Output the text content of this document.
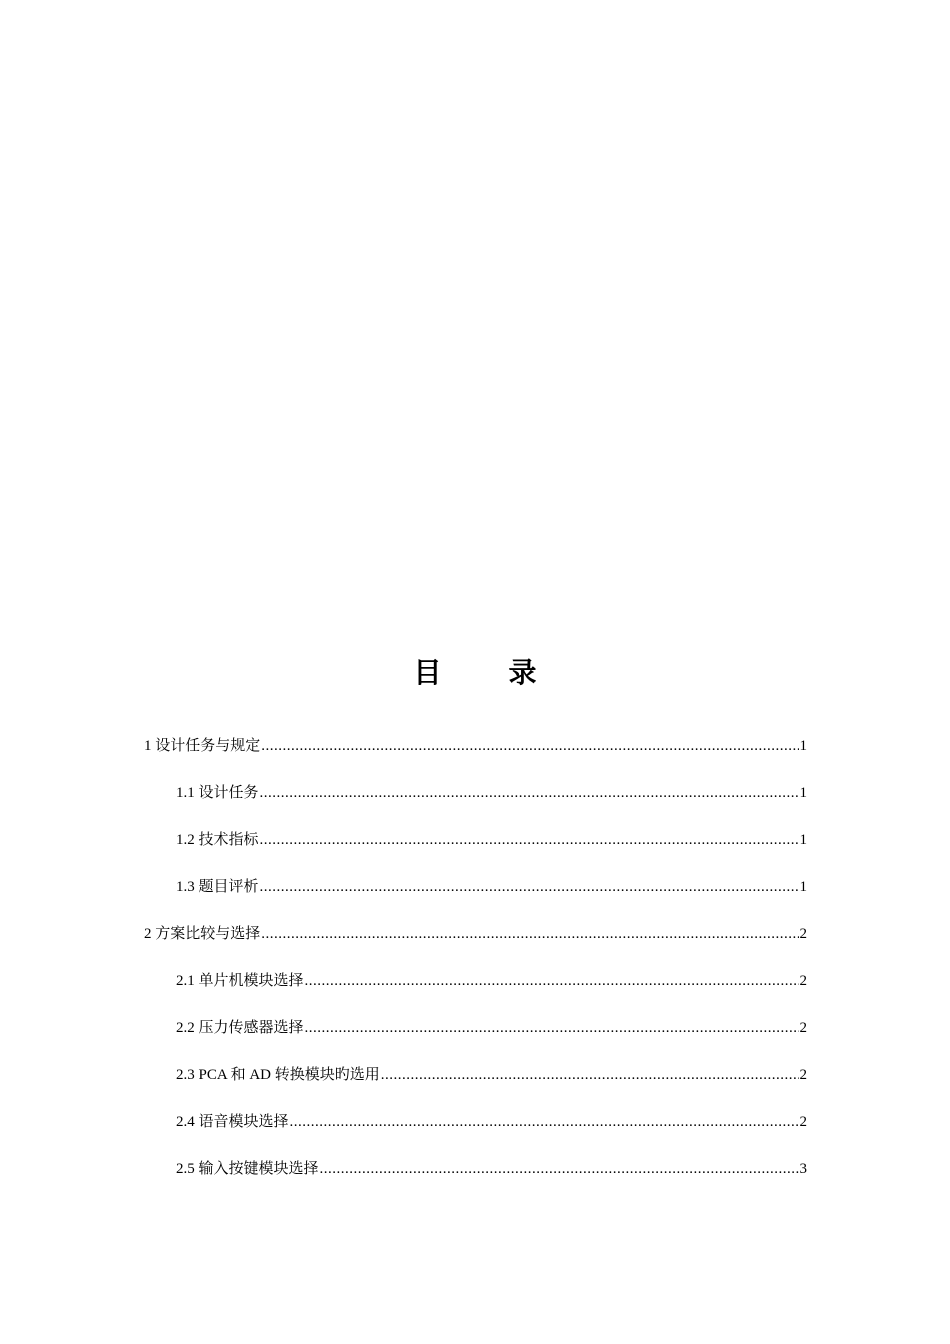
目 录
1 设计任务与规定 .....	1
1.1 设计任务 .....	1
1.2 技术指标 .....	1
1.3 题目评析 .....	1
2 方案比较与选择 .....	2
2.1 单片机模块选择 .....	2
2.2 压力传感器选择 .....	2
2.3 PCA 和 AD 转换模块旳选用 .....	2
2.4 语音模块选择 .....	2
2.5 输入按键模块选择 .....	3
